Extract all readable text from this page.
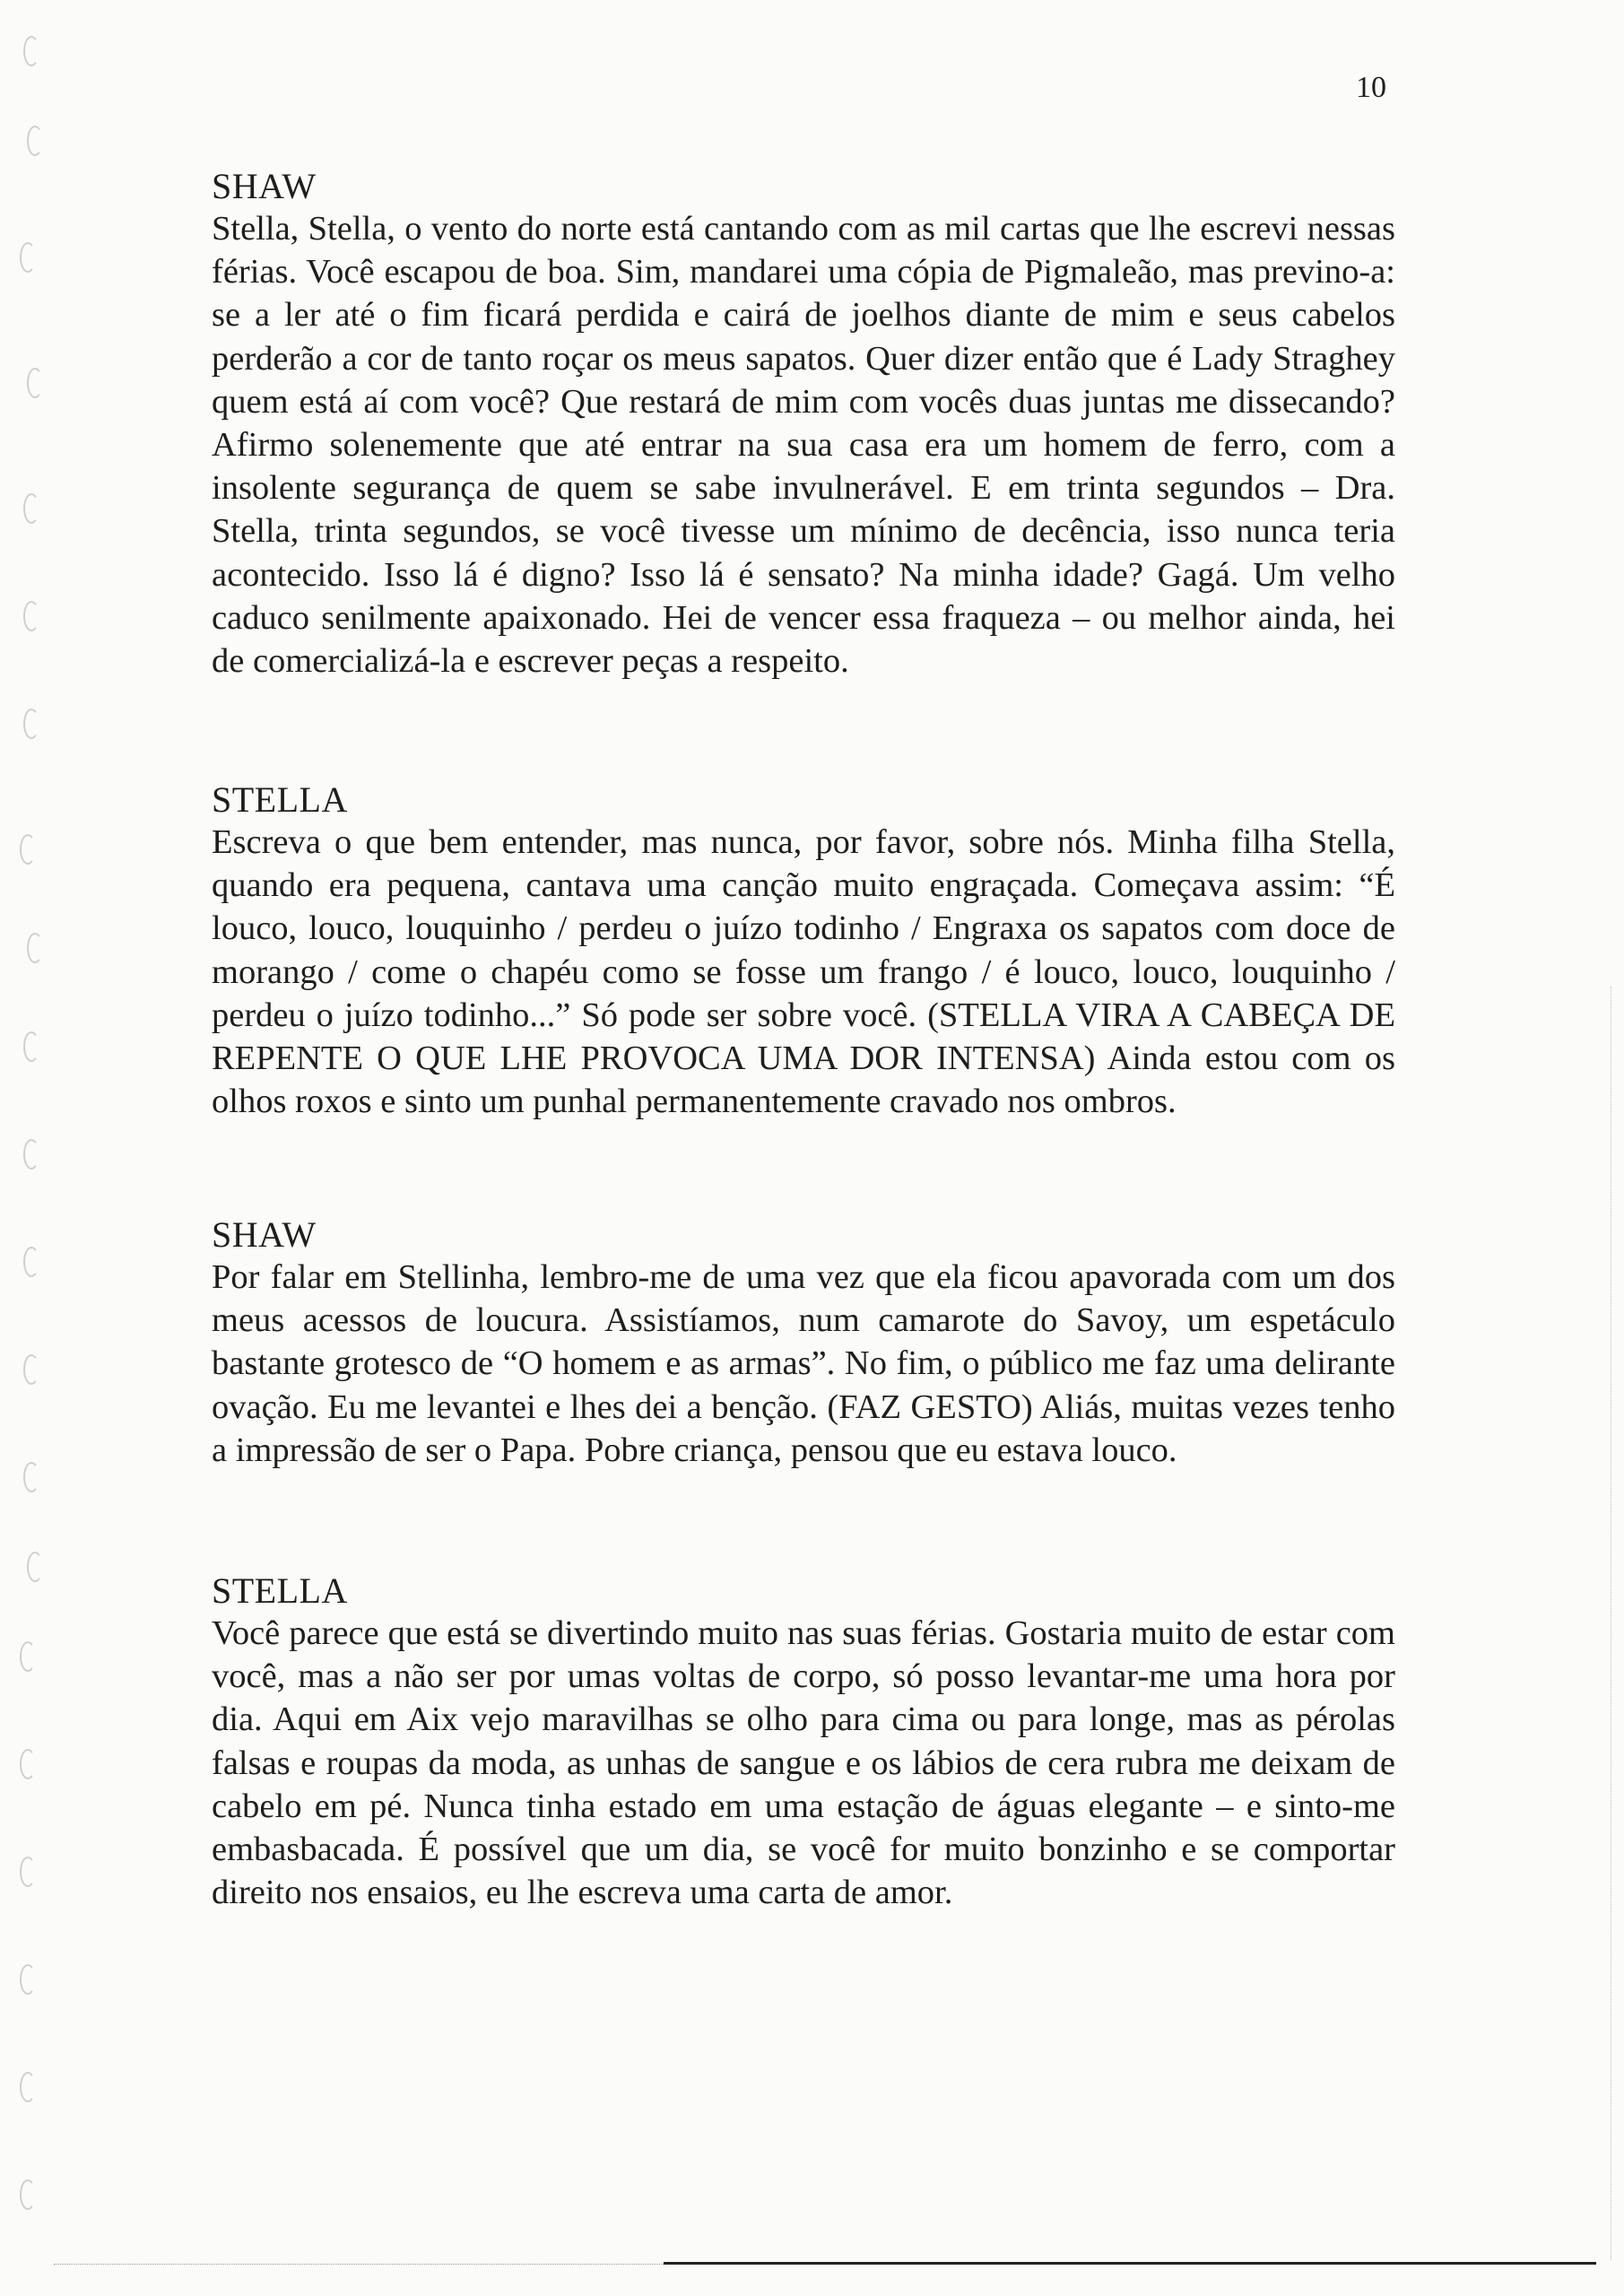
10
SHAW

Stella, Stella, o vento do norte está cantando com as mil cartas que lhe escrevi nessas férias. Você escapou de boa. Sim, mandarei uma cópia de Pigmaleão, mas previno-a: se a ler até o fim ficará perdida e cairá de joelhos diante de mim e seus cabelos perderão a cor de tanto roçar os meus sapatos. Quer dizer então que é Lady Straghey quem está aí com você? Que restará de mim com vocês duas juntas me dissecando? Afirmo solenemente que até entrar na sua casa era um homem de ferro, com a insolente segurança de quem se sabe invulnerável. E em trinta segundos – Dra. Stella, trinta segundos, se você tivesse um mínimo de decência, isso nunca teria acontecido. Isso lá é digno? Isso lá é sensato? Na minha idade? Gagá. Um velho caduco senilmente apaixonado. Hei de vencer essa fraqueza – ou melhor ainda, hei de comercializá-la e escrever peças a respeito.

STELLA

Escreva o que bem entender, mas nunca, por favor, sobre nós. Minha filha Stella, quando era pequena, cantava uma canção muito engraçada. Começava assim: “É louco, louco, louquinho / perdeu o juízo todinho / Engraxa os sapatos com doce de morango / come o chapéu como se fosse um frango / é louco, louco, louquinho / perdeu o juízo todinho...” Só pode ser sobre você. (STELLA VIRA A CABEÇA DE REPENTE O QUE LHE PROVOCA UMA DOR INTENSA) Ainda estou com os olhos roxos e sinto um punhal permanentemente cravado nos ombros.

SHAW

Por falar em Stellinha, lembro-me de uma vez que ela ficou apavorada com um dos meus acessos de loucura. Assistíamos, num camarote do Savoy, um espetáculo bastante grotesco de “O homem e as armas”. No fim, o público me faz uma delirante ovação. Eu me levantei e lhes dei a benção. (FAZ GESTO) Aliás, muitas vezes tenho a impressão de ser o Papa. Pobre criança, pensou que eu estava louco.

STELLA

Você parece que está se divertindo muito nas suas férias. Gostaria muito de estar com você, mas a não ser por umas voltas de corpo, só posso levantar-me uma hora por dia. Aqui em Aix vejo maravilhas se olho para cima ou para longe, mas as pérolas falsas e roupas da moda, as unhas de sangue e os lábios de cera rubra me deixam de cabelo em pé. Nunca tinha estado em uma estação de águas elegante – e sinto-me embasbacada. É possível que um dia, se você for muito bonzinho e se comportar direito nos ensaios, eu lhe escreva uma carta de amor.
